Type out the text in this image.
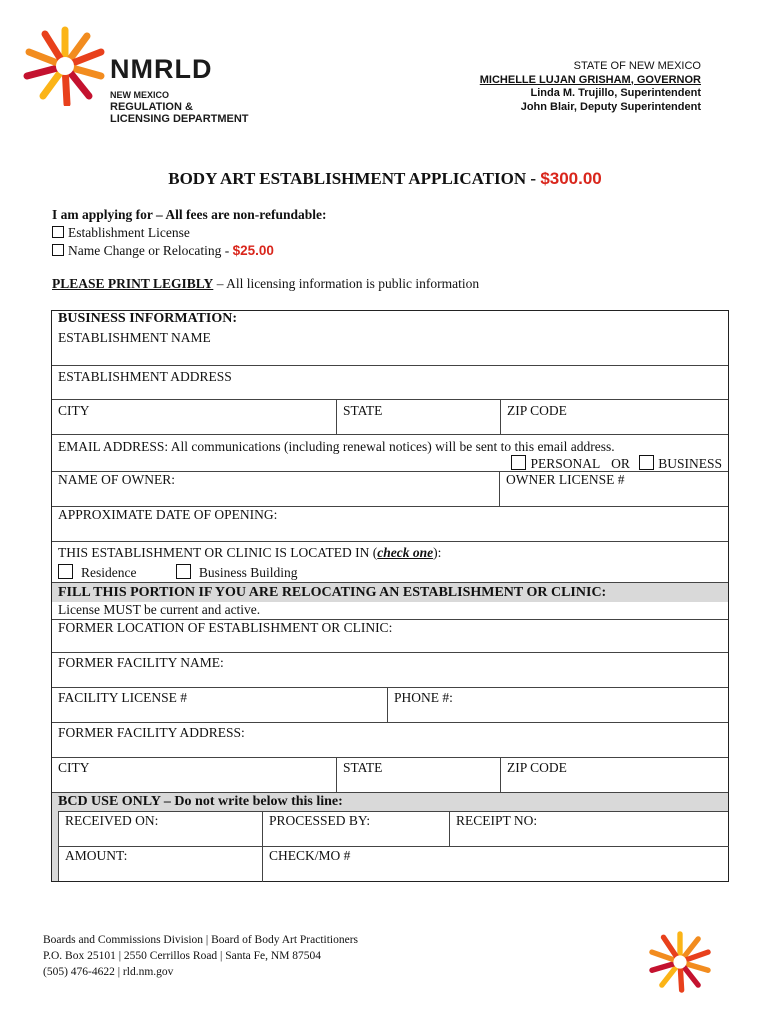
NMRLD
NEW MEXICO
REGULATION &
LICENSING DEPARTMENT
STATE OF NEW MEXICO
MICHELLE LUJAN GRISHAM, GOVERNOR
Linda M. Trujillo, Superintendent
John Blair, Deputy Superintendent
BODY ART ESTABLISHMENT APPLICATION - $300.00
I am applying for – All fees are non-refundable:
Establishment License
Name Change or Relocating - $25.00
PLEASE PRINT LEGIBLY – All licensing information is public information
BUSINESS INFORMATION:
ESTABLISHMENT NAME
ESTABLISHMENT ADDRESS
CITY	STATE	ZIP CODE
EMAIL ADDRESS: All communications (including renewal notices) will be sent to this email address.
PERSONAL OR BUSINESS
NAME OF OWNER:	OWNER LICENSE #
APPROXIMATE DATE OF OPENING:
THIS ESTABLISHMENT OR CLINIC IS LOCATED IN (check one):
Residence	Business Building
FILL THIS PORTION IF YOU ARE RELOCATING AN ESTABLISHMENT OR CLINIC:
License MUST be current and active.
FORMER LOCATION OF ESTABLISHMENT OR CLINIC:
FORMER FACILITY NAME:
FACILITY LICENSE #	PHONE #:
FORMER FACILITY ADDRESS:
CITY	STATE	ZIP CODE
BCD USE ONLY – Do not write below this line:
RECEIVED ON:	PROCESSED BY:	RECEIPT NO:
AMOUNT:	CHECK/MO #
Boards and Commissions Division | Board of Body Art Practitioners
P.O. Box 25101 | 2550 Cerrillos Road | Santa Fe, NM 87504
(505) 476-4622 | rld.nm.gov
